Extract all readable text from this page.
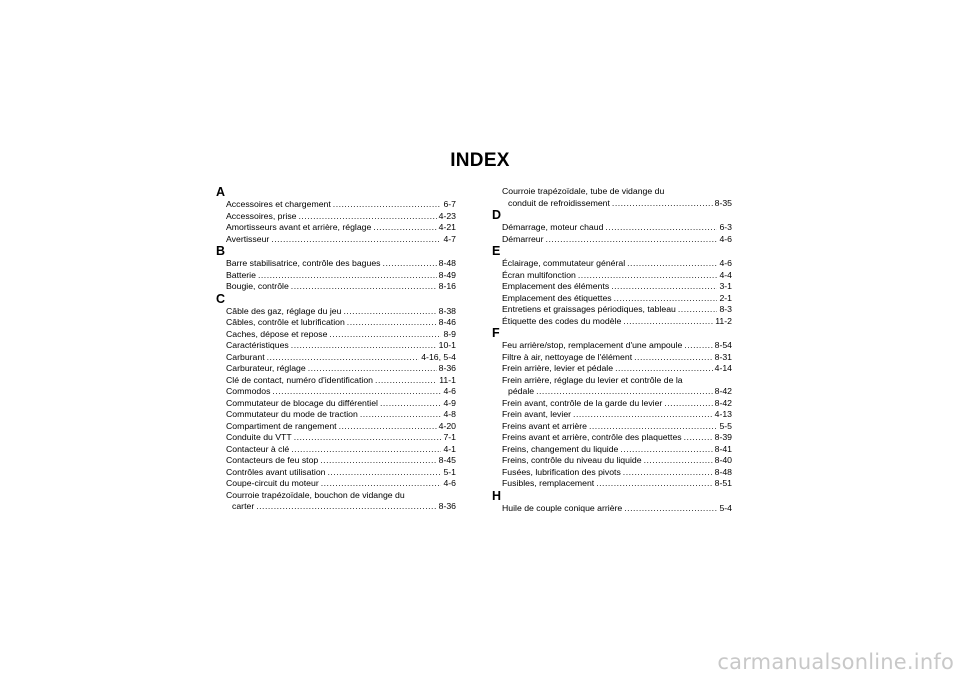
INDEX
A
Accessoires et chargement .....	6-7
Accessoires, prise .....	4-23
Amortisseurs avant et arrière, réglage .....	4-21
Avertisseur .....	4-7
B
Barre stabilisatrice, contrôle des bagues .....	8-48
Batterie .....	8-49
Bougie, contrôle .....	8-16
C
Câble des gaz, réglage du jeu .....	8-38
Câbles, contrôle et lubrification .....	8-46
Caches, dépose et repose .....	8-9
Caractéristiques .....	10-1
Carburant .....	4-16, 5-4
Carburateur, réglage .....	8-36
Clé de contact, numéro d'identification .....	11-1
Commodos .....	4-6
Commutateur de blocage du différentiel .....	4-9
Commutateur du mode de traction .....	4-8
Compartiment de rangement .....	4-20
Conduite du VTT .....	7-1
Contacteur à clé .....	4-1
Contacteurs de feu stop .....	8-45
Contrôles avant utilisation .....	5-1
Coupe-circuit du moteur .....	4-6
Courroie trapézoïdale, bouchon de vidange du
carter .....	8-36
Courroie trapézoïdale, tube de vidange du
conduit de refroidissement .....	8-35
D
Démarrage, moteur chaud .....	6-3
Démarreur .....	4-6
E
Éclairage, commutateur général .....	4-6
Écran multifonction .....	4-4
Emplacement des éléments .....	3-1
Emplacement des étiquettes .....	2-1
Entretiens et graissages périodiques, tableau .....	8-3
Étiquette des codes du modèle .....	11-2
F
Feu arrière/stop, remplacement d'une ampoule .....	8-54
Filtre à air, nettoyage de l'élément .....	8-31
Frein arrière, levier et pédale .....	4-14
Frein arrière, réglage du levier et contrôle de la
pédale .....	8-42
Frein avant, contrôle de la garde du levier .....	8-42
Frein avant, levier .....	4-13
Freins avant et arrière .....	5-5
Freins avant et arrière, contrôle des plaquettes .....	8-39
Freins, changement du liquide .....	8-41
Freins, contrôle du niveau du liquide .....	8-40
Fusées, lubrification des pivots .....	8-48
Fusibles, remplacement .....	8-51
H
Huile de couple conique arrière .....	5-4
carmanualsonline.info
